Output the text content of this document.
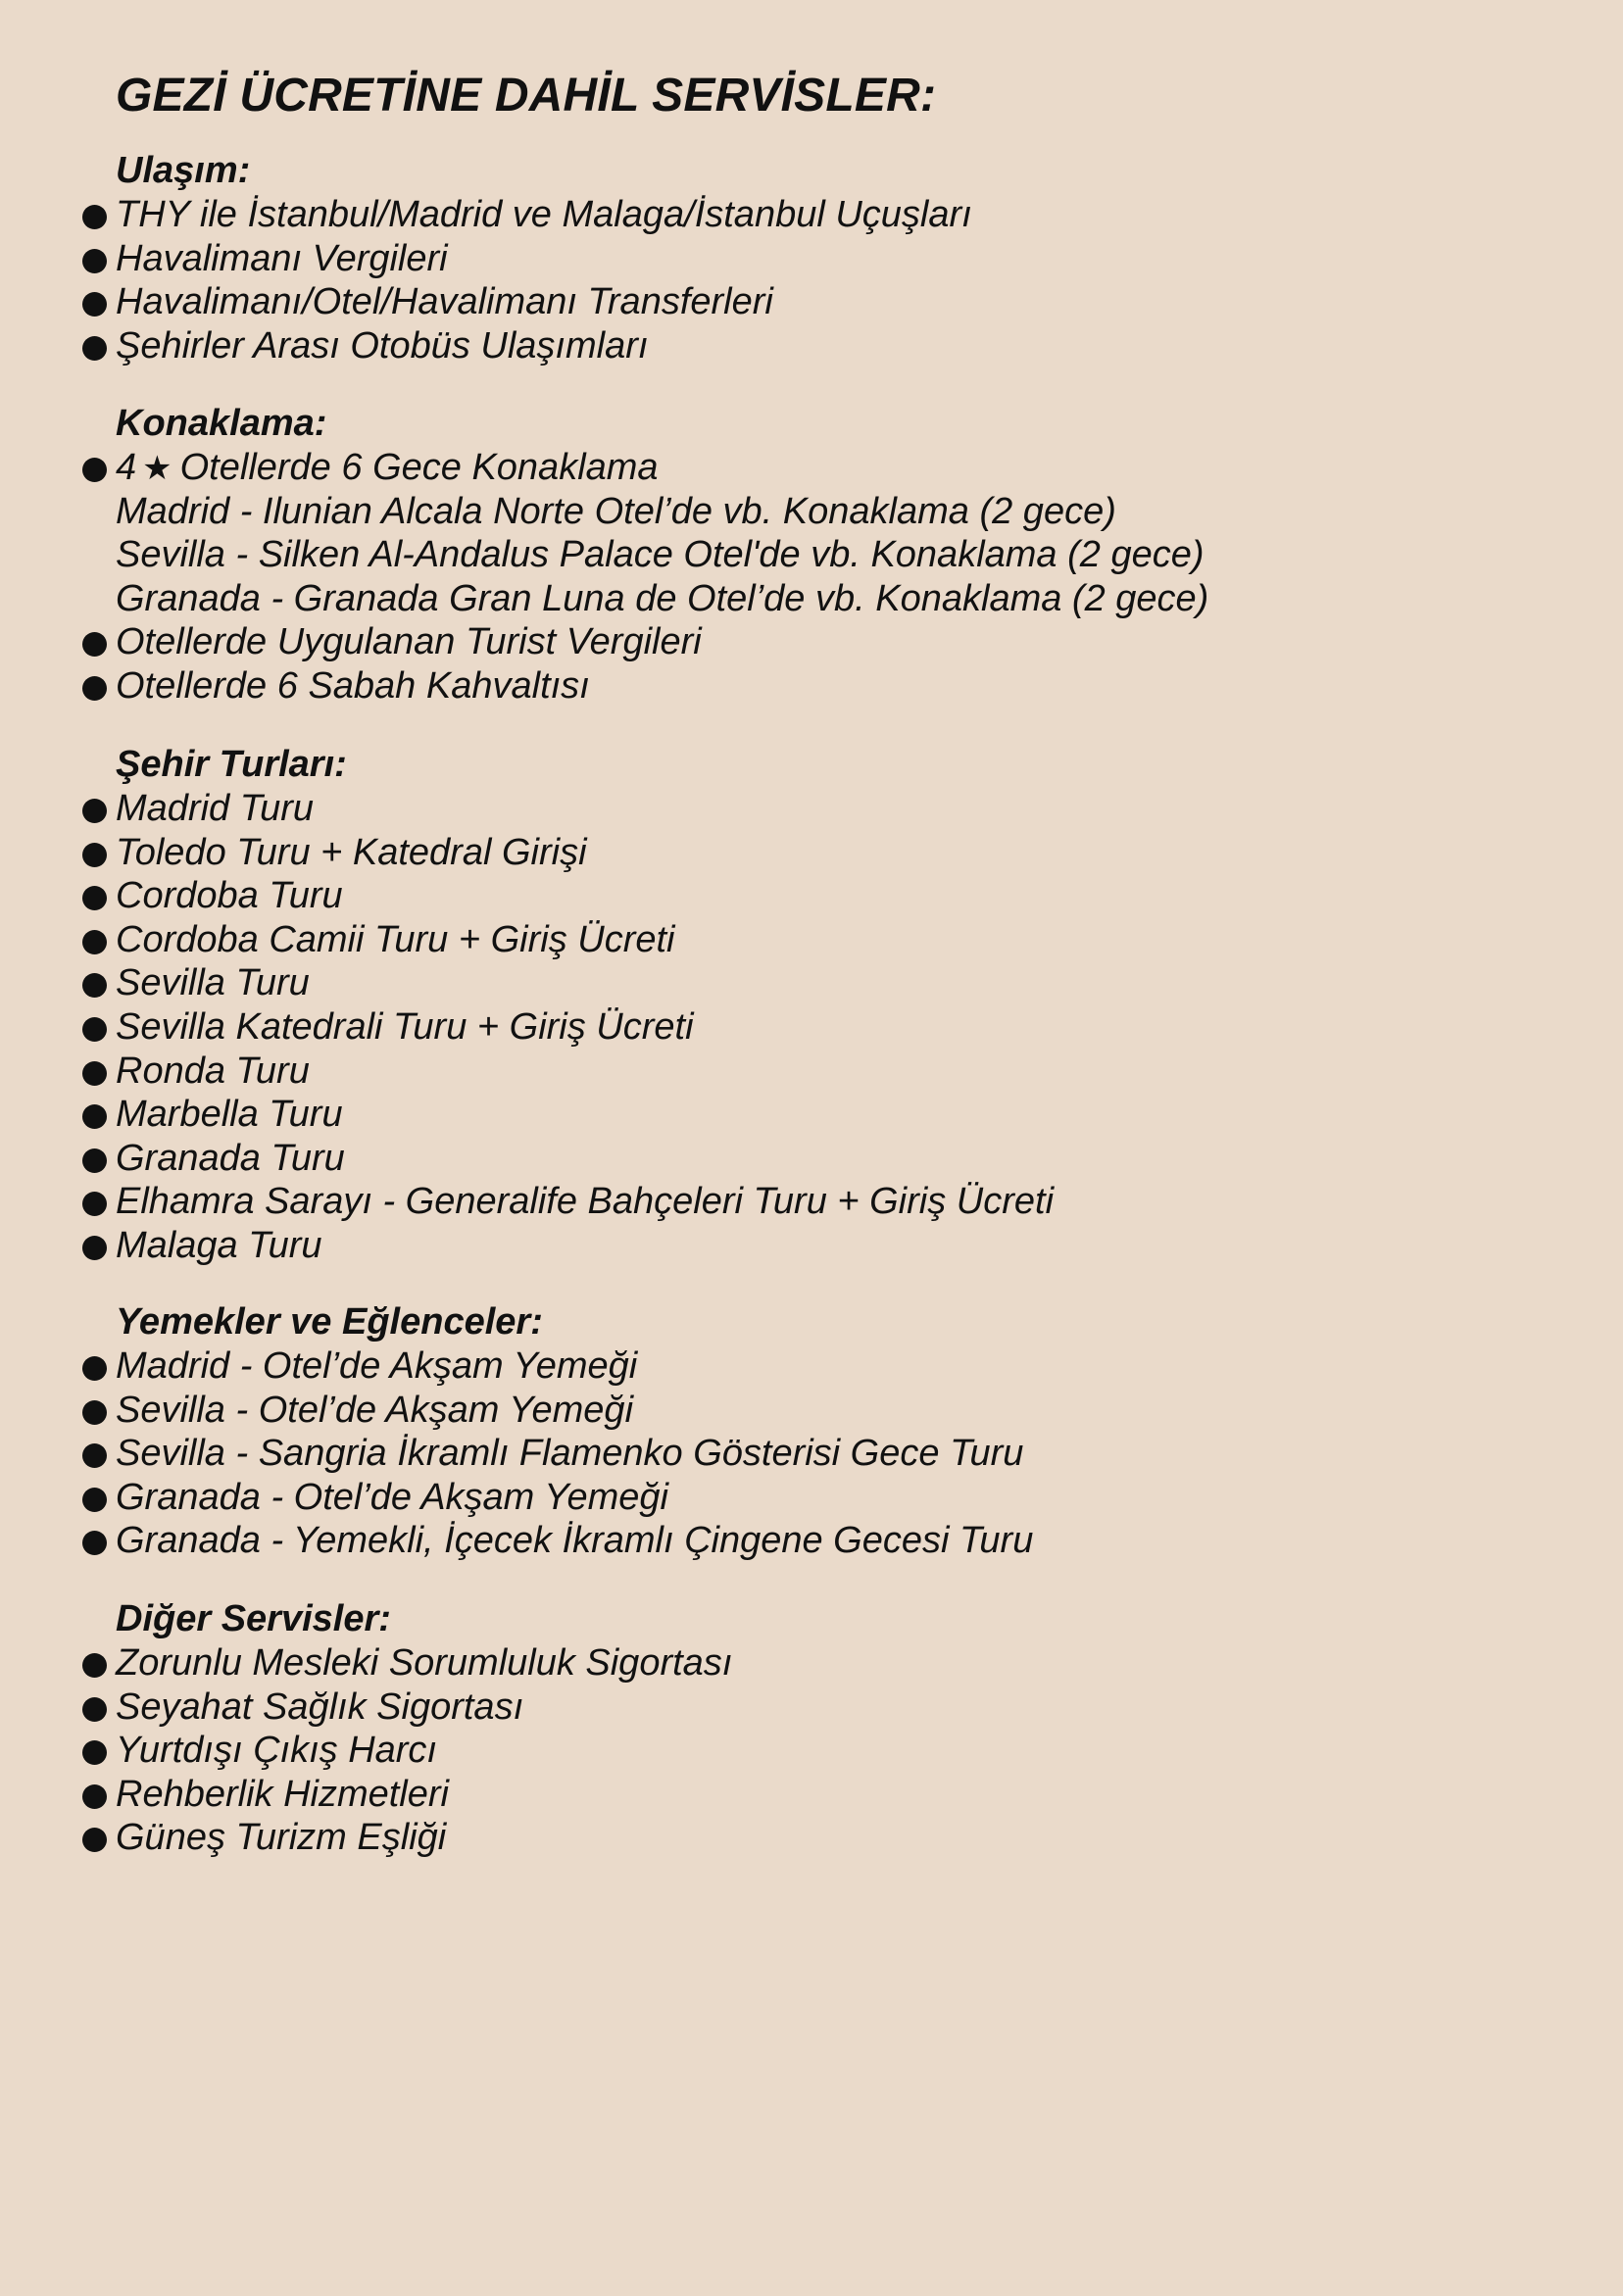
GEZİ ÜCRETİNE DAHİL SERVİSLER:
Ulaşım:
THY ile İstanbul/Madrid ve Malaga/İstanbul Uçuşları
Havalimanı Vergileri
Havalimanı/Otel/Havalimanı Transferleri
Şehirler Arası Otobüs Ulaşımları
Konaklama:
4 ★ Otellerde 6 Gece Konaklama
Madrid - Ilunian Alcala Norte Otel’de vb. Konaklama (2 gece)
Sevilla - Silken Al-Andalus Palace Otel'de vb. Konaklama (2 gece)
Granada - Granada Gran Luna de Otel’de vb. Konaklama (2 gece)
Otellerde Uygulanan Turist Vergileri
Otellerde 6 Sabah Kahvaltısı
Şehir Turları:
Madrid Turu
Toledo Turu + Katedral Girişi
Cordoba Turu
Cordoba Camii Turu + Giriş Ücreti
Sevilla Turu
Sevilla Katedrali Turu + Giriş Ücreti
Ronda Turu
Marbella Turu
Granada Turu
Elhamra Sarayı - Generalife Bahçeleri Turu + Giriş Ücreti
Malaga Turu
Yemekler ve Eğlenceler:
Madrid - Otel’de Akşam Yemeği
Sevilla - Otel’de Akşam Yemeği
Sevilla - Sangria İkramlı Flamenko Gösterisi Gece Turu
Granada - Otel’de Akşam Yemeği
Granada - Yemekli, İçecek İkramlı Çingene Gecesi Turu
Diğer Servisler:
Zorunlu Mesleki Sorumluluk Sigortası
Seyahat Sağlık Sigortası
Yurtdışı Çıkış Harcı
Rehberlik Hizmetleri
Güneş Turizm Eşliği
